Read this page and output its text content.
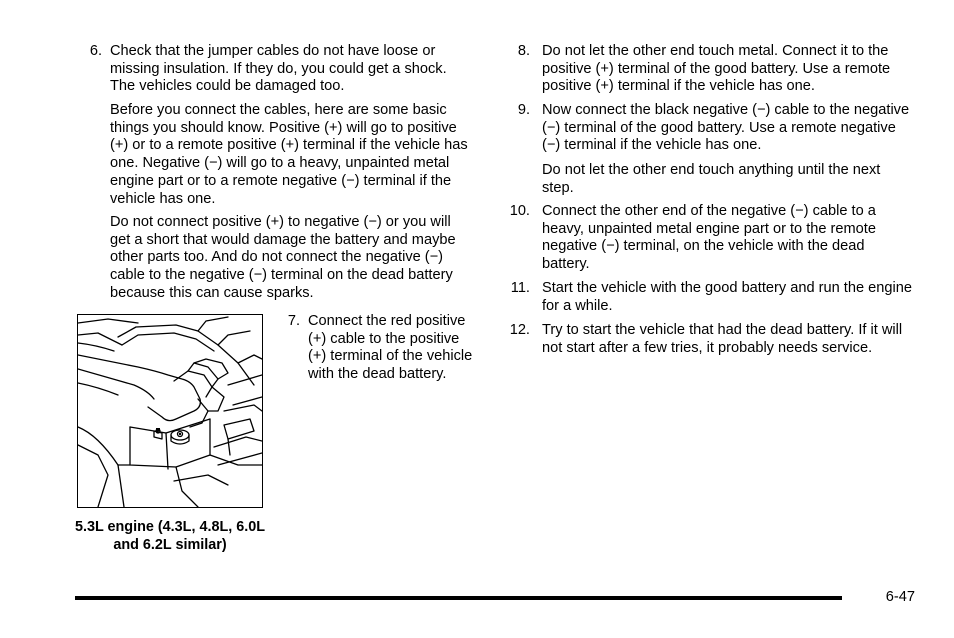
6. Check that the jumper cables do not have loose or missing insulation. If they do, you could get a shock. The vehicles could be damaged too.
Before you connect the cables, here are some basic things you should know. Positive (+) will go to positive (+) or to a remote positive (+) terminal if the vehicle has one. Negative (−) will go to a heavy, unpainted metal engine part or to a remote negative (−) terminal if the vehicle has one.
Do not connect positive (+) to negative (−) or you will get a short that would damage the battery and maybe other parts too. And do not connect the negative (−) cable to the negative (−) terminal on the dead battery because this can cause sparks.
5.3L engine (4.3L, 4.8L, 6.0L and 6.2L similar)
7. Connect the red positive (+) cable to the positive (+) terminal of the vehicle with the dead battery.
8. Do not let the other end touch metal. Connect it to the positive (+) terminal of the good battery. Use a remote positive (+) terminal if the vehicle has one.
9. Now connect the black negative (−) cable to the negative (−) terminal of the good battery. Use a remote negative (−) terminal if the vehicle has one.
Do not let the other end touch anything until the next step.
10. Connect the other end of the negative (−) cable to a heavy, unpainted metal engine part or to the remote negative (−) terminal, on the vehicle with the dead battery.
11. Start the vehicle with the good battery and run the engine for a while.
12. Try to start the vehicle that had the dead battery. If it will not start after a few tries, it probably needs service.
6-47
